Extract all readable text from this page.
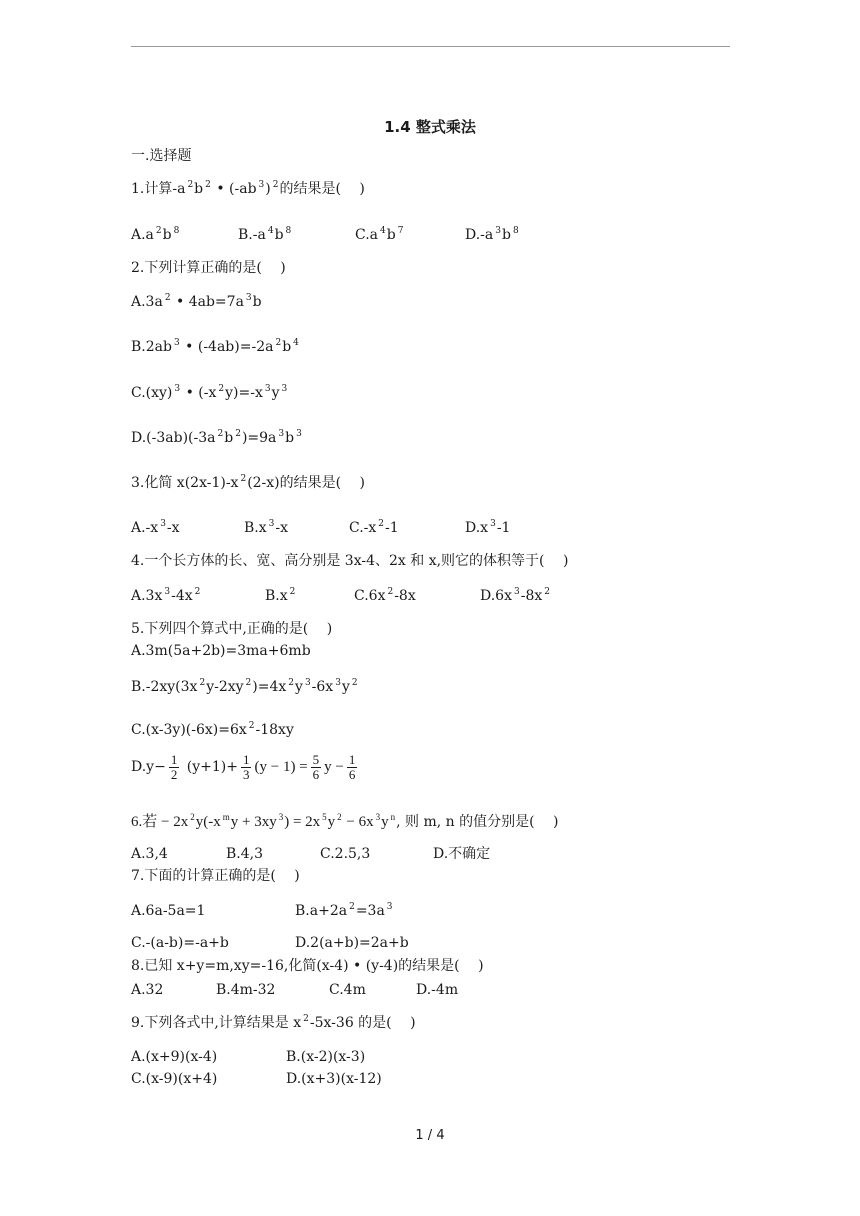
1.4 整式乘法
一.选择题
1.计算-a $^2$b $^2$ • (-ab $^3$) $^2$的结果是(　 )
A.a $^2$b $^8$	B.-a $^4$b $^8$	C.a $^4$b $^7$	D.-a $^3$b $^8$
2.下列计算正确的是(　 )
A.3a $^2$ • 4ab=7a $^3$b
B.2ab $^3$ • (-4ab)=-2a $^2$b $^4$
C.(xy) $^3$ • (-x $^2$y)=-x $^3$y $^3$
D.(-3ab)(-3a $^2$b $^2$)=9a $^3$b $^3$
3.化简 x(2x-1)-x $^2$(2-x)的结果是(　 )
A.-x $^3$-x	B.x $^3$-x	C.-x $^2$-1	D.x $^3$-1
4.一个长方体的长、宽、高分别是 3x-4、2x 和 x,则它的体积等于(　 )
A.3x $^3$-4x $^2$	B.x $^2$	C.6x $^2$-8x	D.6x $^3$-8x $^2$
5.下列四个算式中,正确的是(　 )
A.3m(5a+2b)=3ma+6mb
B.-2xy(3x $^2$y-2xy $^2$)=4x $^2$y $^3$-6x $^3$y $^2$
C.(x-3y)(-6x)=6x $^2$-18xy
$D.y- \frac{1}{2} (y+1)+ \frac{1}{3} (y - 1) = \frac{5}{6}$ $y - \frac{1}{6}$
6.若 − 2x $^2$y(-x $^m$y + 3xy $^3$) = 2x $^5$y $^2$ − 6x $^3$y $^n$, 则 m, n 的值分别是(　 )
A.3,4	B.4,3	C.2.5,3	D.不确定
7.下面的计算正确的是(　 )
A.6a-5a=1	B.a+2a $^2$=3a $^3$
C.-(a-b)=-a+b	D.2(a+b)=2a+b
8.已知 x+y=m,xy=-16,化简(x-4) • (y-4)的结果是(　 )
A.32	B.4m-32	C.4m	D.-4m
9.下列各式中,计算结果是 x $^2$-5x-36 的是(　 )
A.(x+9)(x-4)	B.(x-2)(x-3)
C.(x-9)(x+4)	D.(x+3)(x-12)
1 / 4
